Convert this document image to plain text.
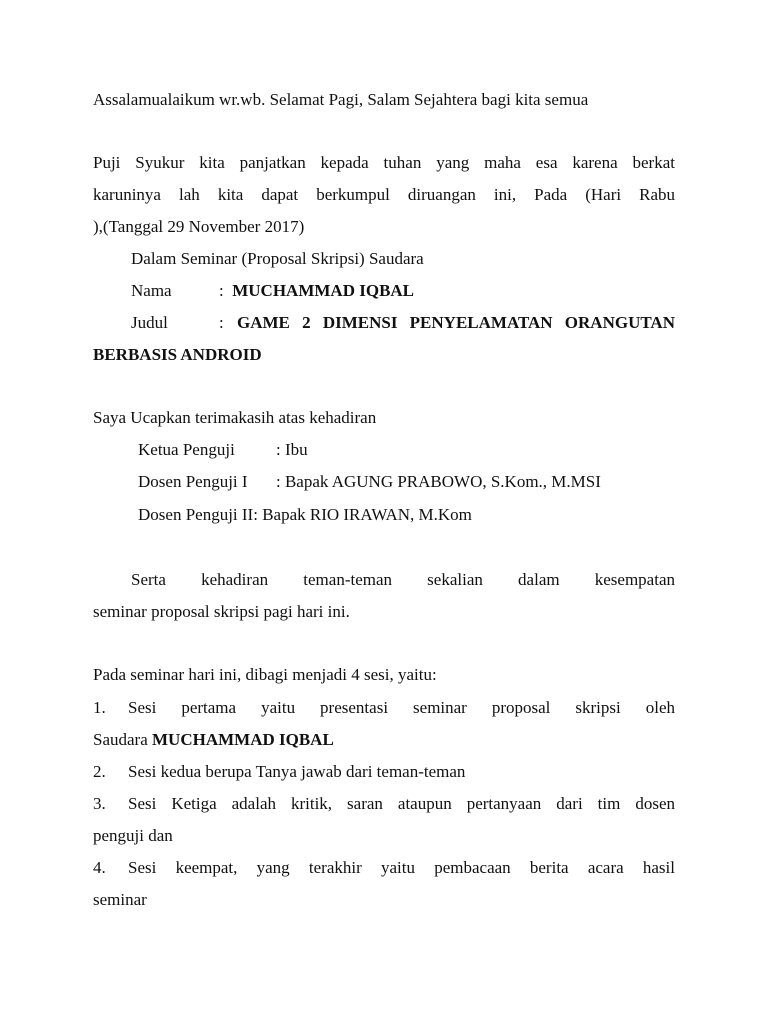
Assalamualaikum wr.wb. Selamat Pagi, Salam Sejahtera bagi kita semua
Puji Syukur kita panjatkan kepada tuhan yang maha esa karena berkat
karuninya lah kita dapat berkumpul diruangan ini, Pada (Hari Rabu
),(Tanggal 29 November 2017)
Dalam Seminar (Proposal Skripsi) Saudara
Nama	: MUCHAMMAD IQBAL
Judul	: GAME 2 DIMENSI PENYELAMATAN ORANGUTAN
BERBASIS ANDROID
Saya Ucapkan terimakasih atas kehadiran
Ketua Penguji : Ibu
Dosen Penguji I : Bapak AGUNG PRABOWO, S.Kom., M.MSI
Dosen Penguji II: Bapak RIO IRAWAN, M.Kom
Serta kehadiran teman-teman sekalian dalam kesempatan
seminar proposal skripsi pagi hari ini.
Pada seminar hari ini, dibagi menjadi 4 sesi, yaitu:
1. Sesi pertama yaitu presentasi seminar proposal skripsi oleh
Saudara MUCHAMMAD IQBAL
2. Sesi kedua berupa Tanya jawab dari teman-teman
3. Sesi Ketiga adalah kritik, saran ataupun pertanyaan dari tim dosen
penguji dan
4. Sesi keempat, yang terakhir yaitu pembacaan berita acara hasil
seminar
